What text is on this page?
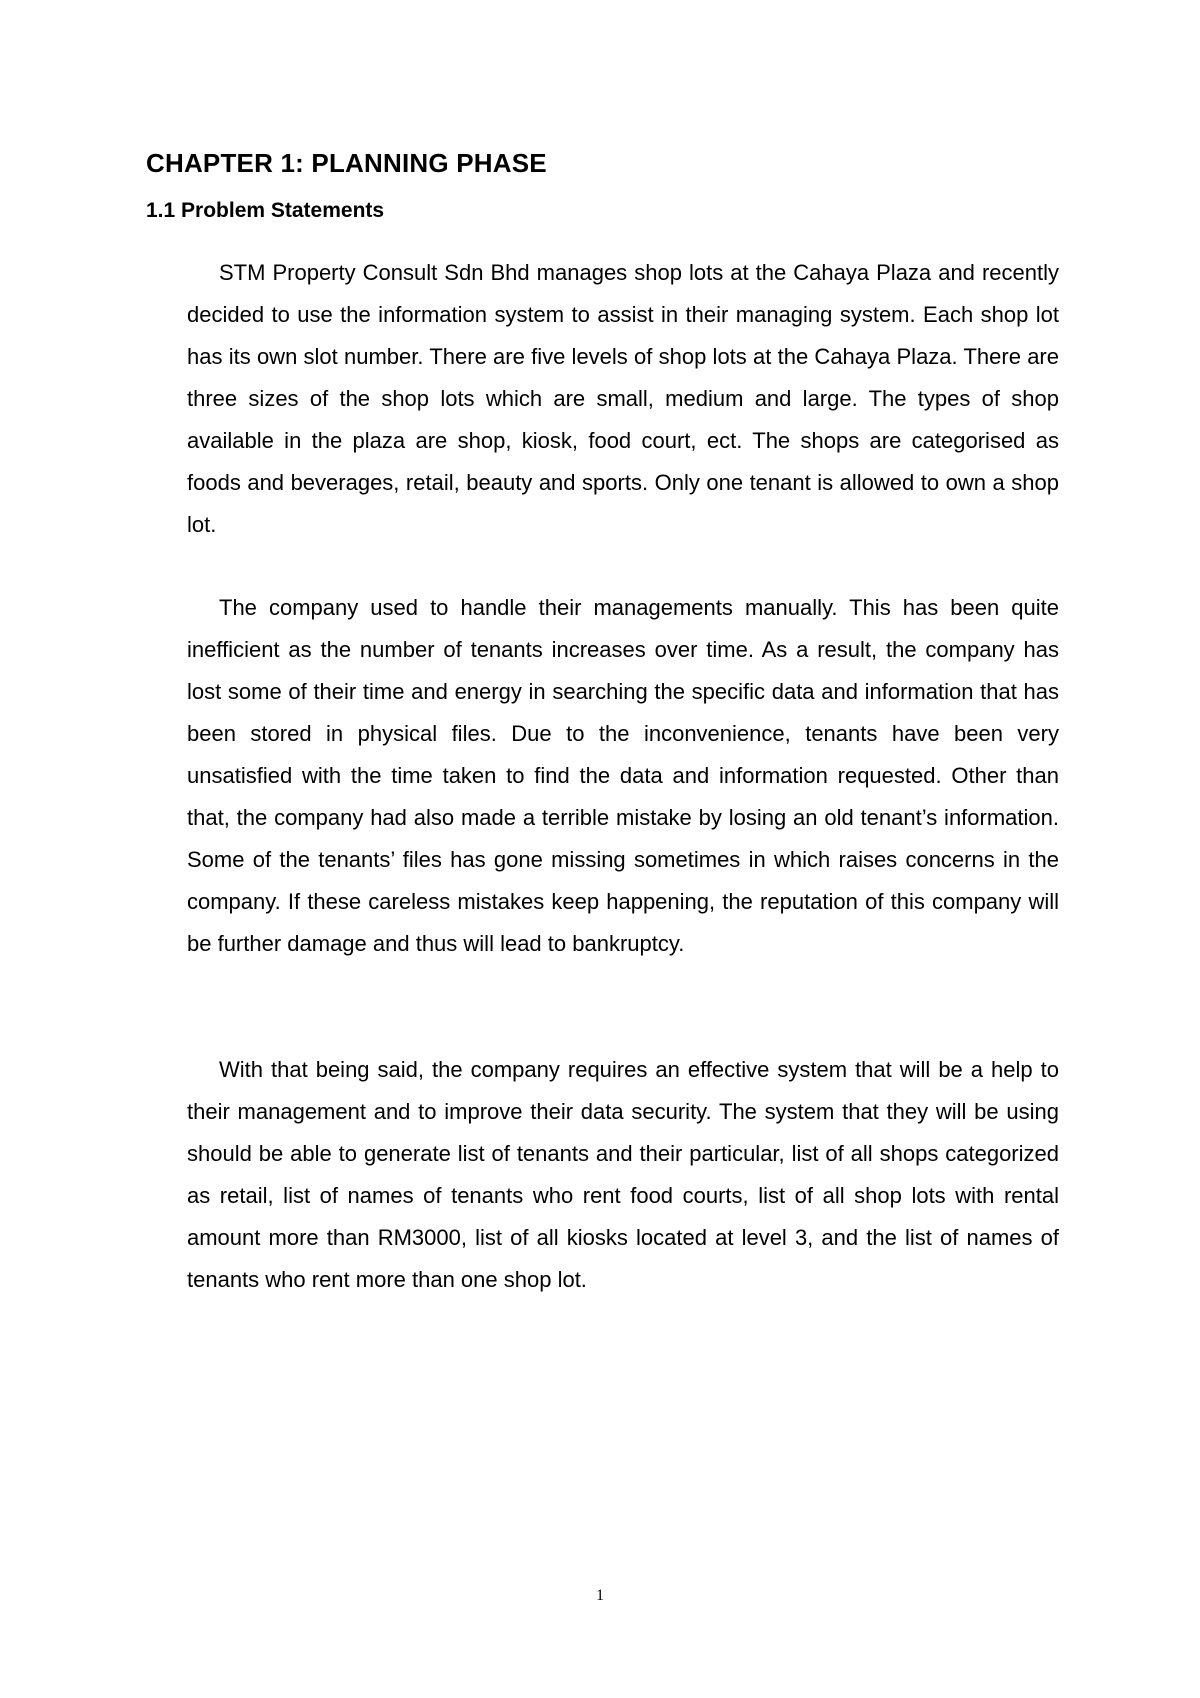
CHAPTER 1: PLANNING PHASE
1.1 Problem Statements

STM Property Consult Sdn Bhd manages shop lots at the Cahaya Plaza and recently decided to use the information system to assist in their managing system. Each shop lot has its own slot number. There are five levels of shop lots at the Cahaya Plaza. There are three sizes of the shop lots which are small, medium and large. The types of shop available in the plaza are shop, kiosk, food court, ect. The shops are categorised as foods and beverages, retail, beauty and sports. Only one tenant is allowed to own a shop lot.

The company used to handle their managements manually. This has been quite inefficient as the number of tenants increases over time. As a result, the company has lost some of their time and energy in searching the specific data and information that has been stored in physical files. Due to the inconvenience, tenants have been very unsatisfied with the time taken to find the data and information requested. Other than that, the company had also made a terrible mistake by losing an old tenant’s information. Some of the tenants’ files has gone missing sometimes in which raises concerns in the company. If these careless mistakes keep happening, the reputation of this company will be further damage and thus will lead to bankruptcy.

With that being said, the company requires an effective system that will be a help to their management and to improve their data security. The system that they will be using should be able to generate list of tenants and their particular, list of all shops categorized as retail, list of names of tenants who rent food courts, list of all shop lots with rental amount more than RM3000, list of all kiosks located at level 3, and the list of names of tenants who rent more than one shop lot.

1
